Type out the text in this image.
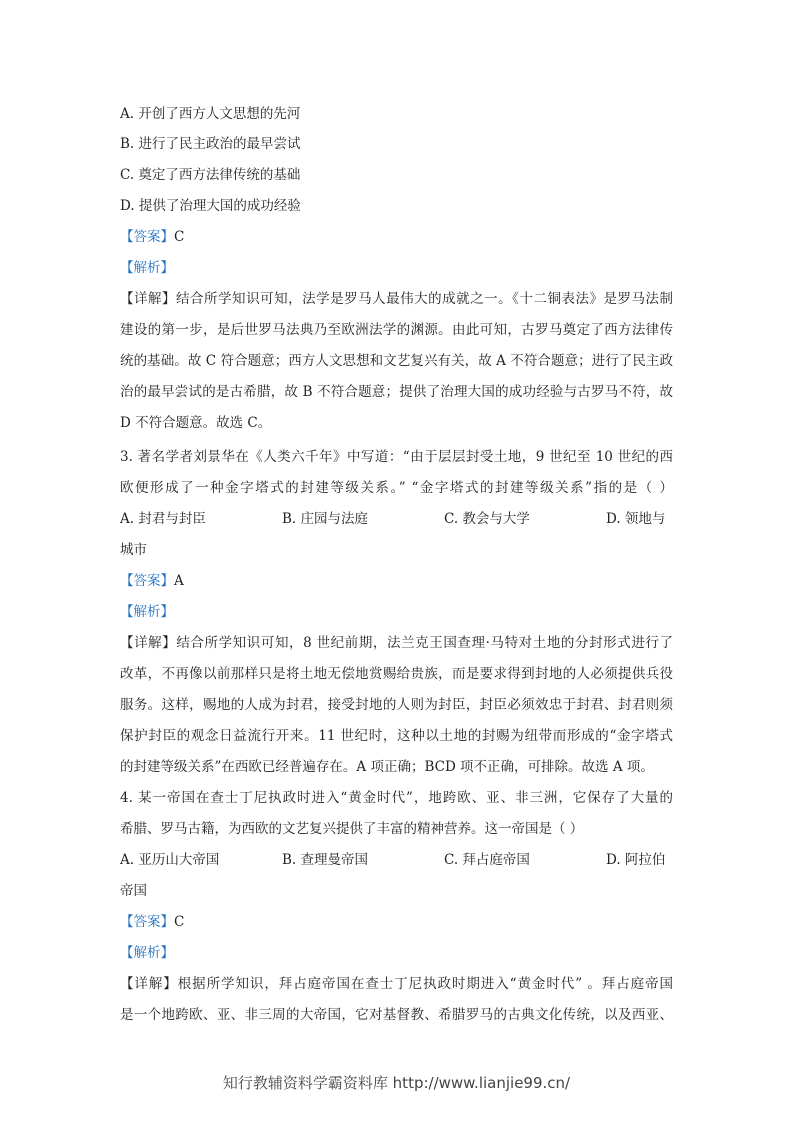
A. 开创了西方人文思想的先河
B. 进行了民主政治的最早尝试
C. 奠定了西方法律传统的基础
D. 提供了治理大国的成功经验
【答案】C
【解析】
【详解】结合所学知识可知，法学是罗马人最伟大的成就之一。《十二铜表法》是罗马法制
建设的第一步，是后世罗马法典乃至欧洲法学的渊源。由此可知，古罗马奠定了西方法律传
统的基础。故 C 符合题意；西方人文思想和文艺复兴有关，故 A 不符合题意；进行了民主政
治的最早尝试的是古希腊，故 B 不符合题意；提供了治理大国的成功经验与古罗马不符，故
D 不符合题意。故选 C。
3. 著名学者刘景华在《人类六千年》中写道：“由于层层封受土地，9 世纪至 10 世纪的西
欧便形成了一种金字塔式的封建等级关系。” “金字塔式的封建等级关系”指的是（ ）
A. 封君与封臣	B. 庄园与法庭	C. 教会与大学	D. 领地与
城市
【答案】A
【解析】
【详解】结合所学知识可知，8 世纪前期，法兰克王国查理·马特对土地的分封形式进行了
改革，不再像以前那样只是将土地无偿地赏赐给贵族，而是要求得到封地的人必须提供兵役
服务。这样，赐地的人成为封君，接受封地的人则为封臣，封臣必须效忠于封君、封君则须
保护封臣的观念日益流行开来。11 世纪时，这种以土地的封赐为纽带而形成的“金字塔式
的封建等级关系”在西欧已经普遍存在。A 项正确；BCD 项不正确，可排除。故选 A 项。
4. 某一帝国在查士丁尼执政时进入“黄金时代”，地跨欧、亚、非三洲，它保存了大量的
希腊、罗马古籍，为西欧的文艺复兴提供了丰富的精神营养。这一帝国是（ ）
A. 亚历山大帝国	B. 查理曼帝国	C. 拜占庭帝国	D. 阿拉伯
帝国
【答案】C
【解析】
【详解】根据所学知识，拜占庭帝国在查士丁尼执政时期进入“黄金时代” 。拜占庭帝国
是一个地跨欧、亚、非三周的大帝国，它对基督教、希腊罗马的古典文化传统，以及西亚、
知行教辅资料学霸资料库 http://www.lianjie99.cn/
